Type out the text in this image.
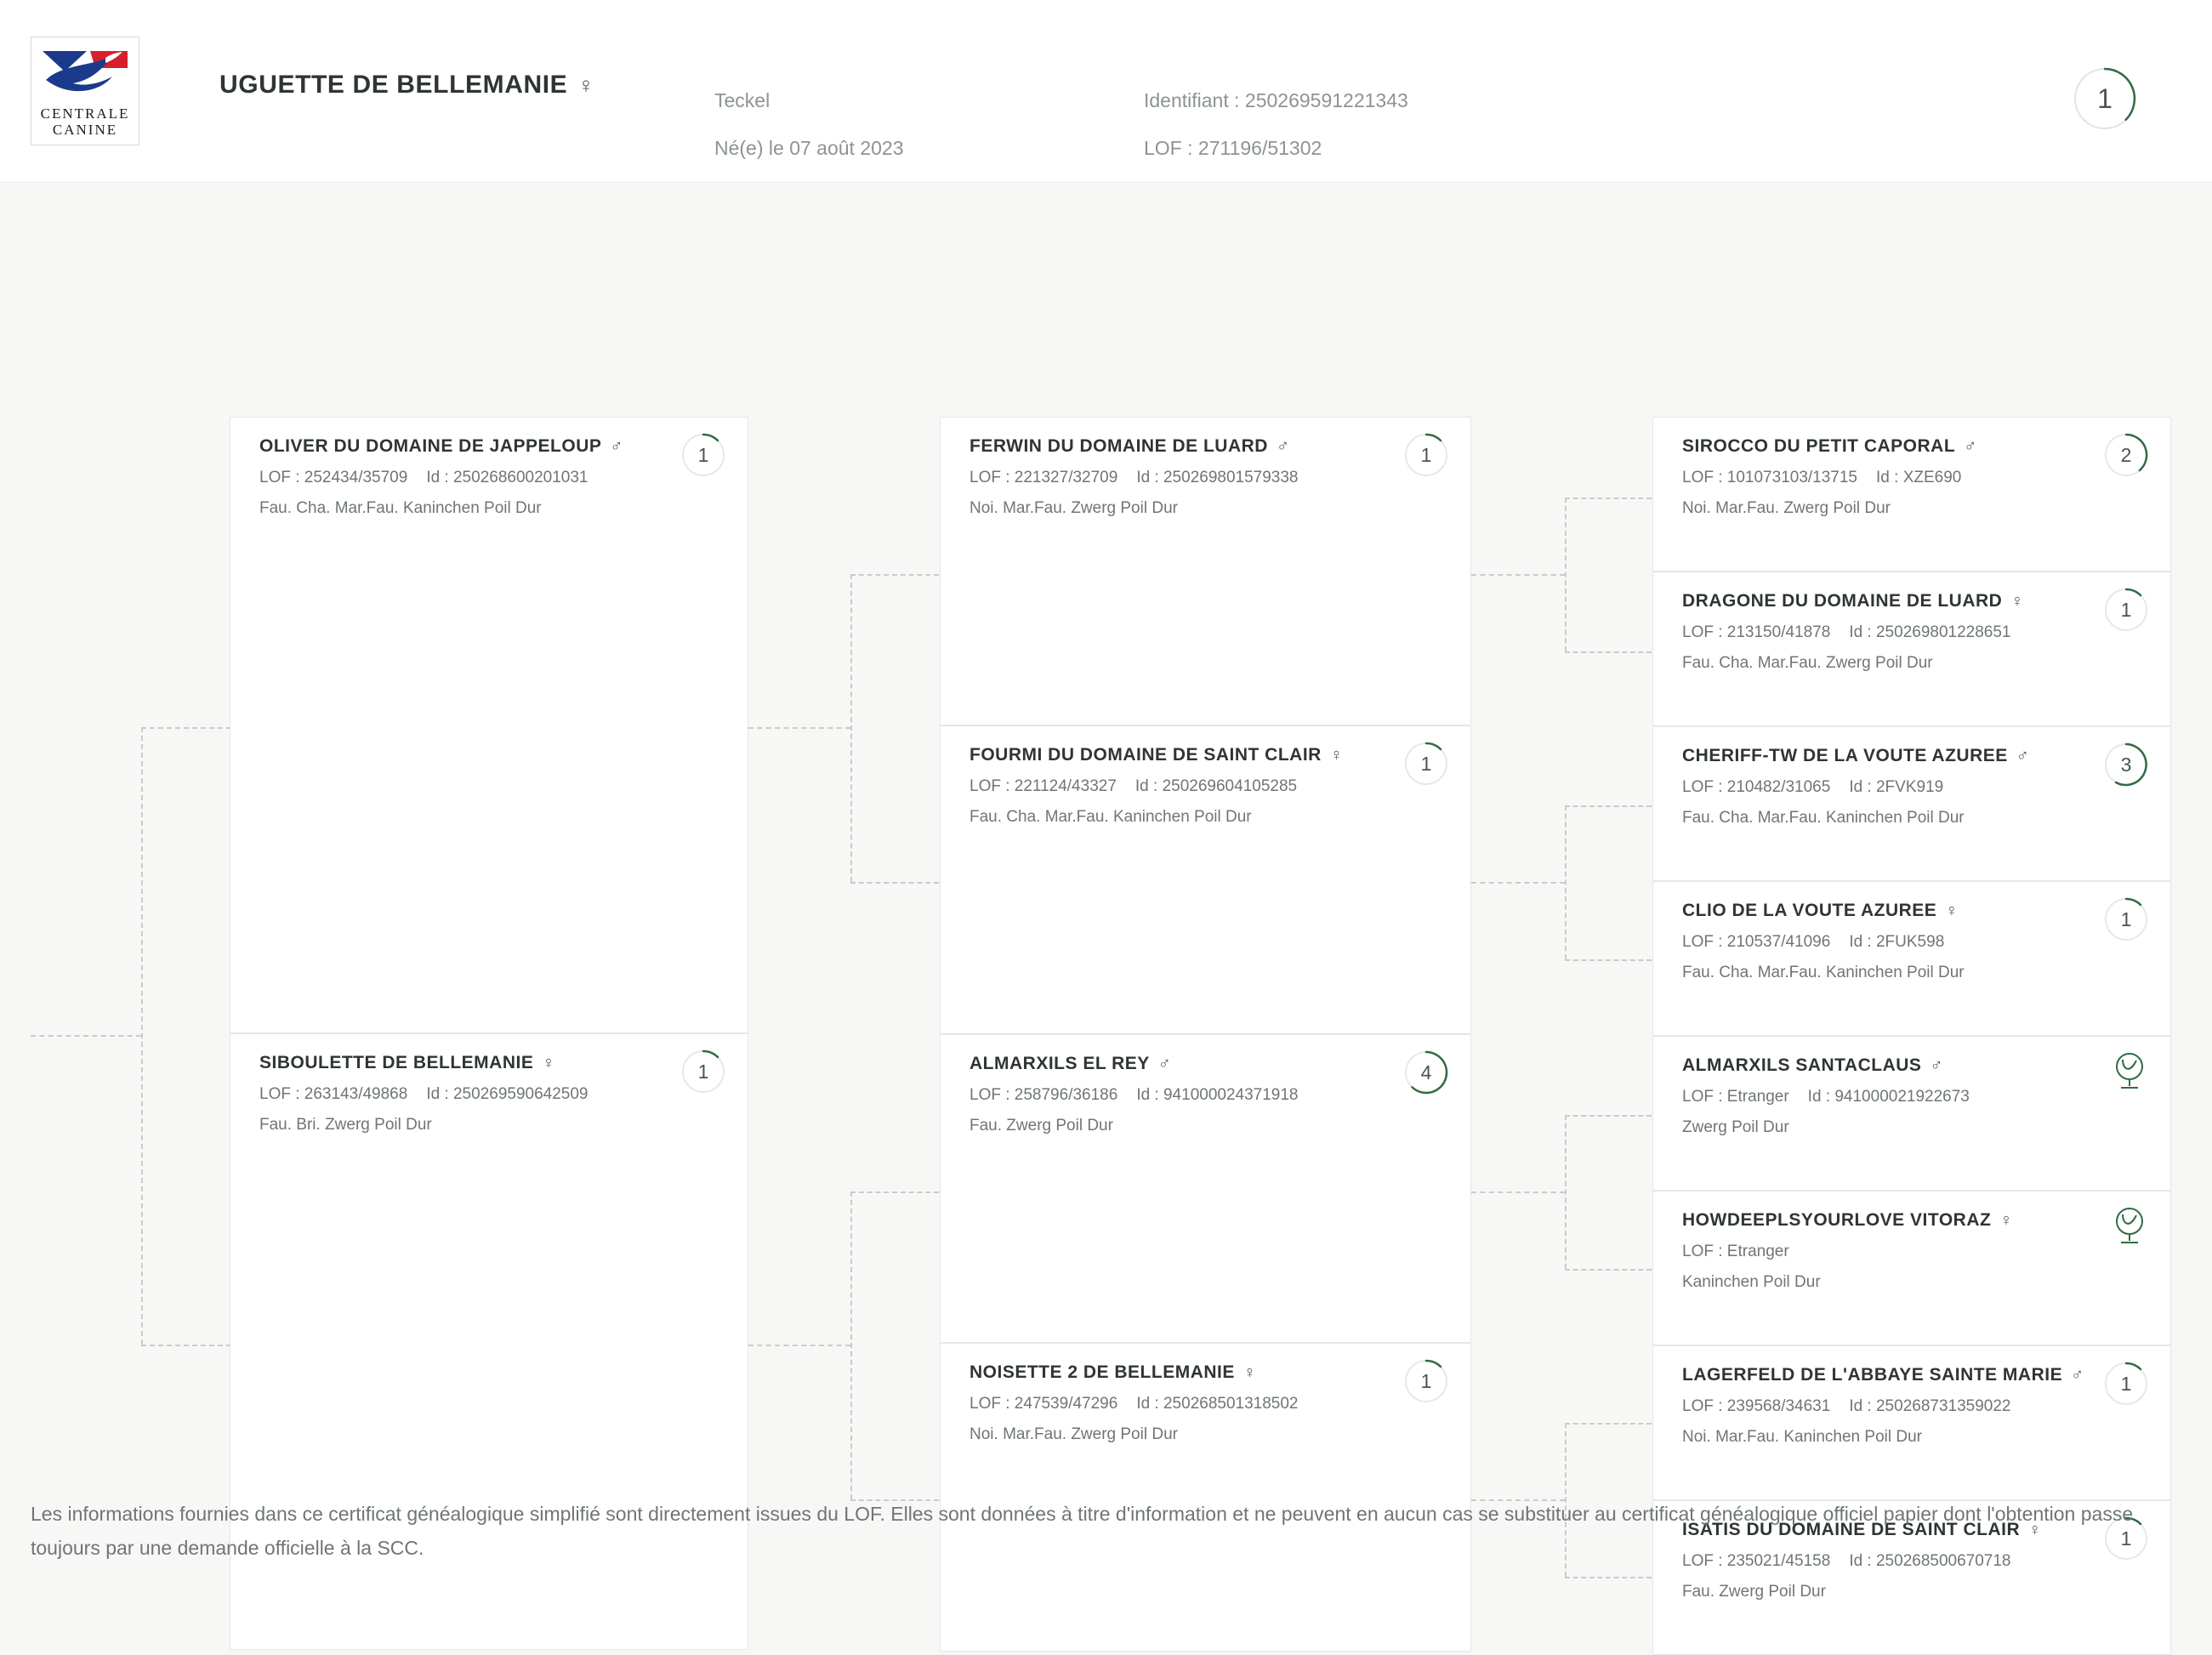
CENTRALE
CANINE
UGUETTE DE BELLEMANIE ♀
Teckel
Né(e) le 07 août 2023
Identifiant : 250269591221343
LOF : 271196/51302
1
OLIVER DU DOMAINE DE JAPPELOUP ♂
LOF : 252434/35709 Id : 250268600201031
Fau. Cha. Mar.Fau. Kaninchen Poil Dur
1
SIBOULETTE DE BELLEMANIE ♀
LOF : 263143/49868 Id : 250269590642509
Fau. Bri. Zwerg Poil Dur
1
FERWIN DU DOMAINE DE LUARD ♂
LOF : 221327/32709 Id : 250269801579338
Noi. Mar.Fau. Zwerg Poil Dur
1
FOURMI DU DOMAINE DE SAINT CLAIR ♀
LOF : 221124/43327 Id : 250269604105285
Fau. Cha. Mar.Fau. Kaninchen Poil Dur
1
ALMARXILS EL REY ♂
LOF : 258796/36186 Id : 941000024371918
Fau. Zwerg Poil Dur
4
NOISETTE 2 DE BELLEMANIE ♀
LOF : 247539/47296 Id : 250268501318502
Noi. Mar.Fau. Zwerg Poil Dur
1
SIROCCO DU PETIT CAPORAL ♂
LOF : 101073103/13715 Id : XZE690
Noi. Mar.Fau. Zwerg Poil Dur
2
DRAGONE DU DOMAINE DE LUARD ♀
LOF : 213150/41878 Id : 250269801228651
Fau. Cha. Mar.Fau. Zwerg Poil Dur
1
CHERIFF-TW DE LA VOUTE AZUREE ♂
LOF : 210482/31065 Id : 2FVK919
Fau. Cha. Mar.Fau. Kaninchen Poil Dur
3
CLIO DE LA VOUTE AZUREE ♀
LOF : 210537/41096 Id : 2FUK598
Fau. Cha. Mar.Fau. Kaninchen Poil Dur
1
ALMARXILS SANTACLAUS ♂
LOF : Etranger Id : 941000021922673
Zwerg Poil Dur
HOWDEEPLSYOURLOVE VITORAZ ♀
LOF : Etranger
Kaninchen Poil Dur
LAGERFELD DE L'ABBAYE SAINTE MARIE ♂
LOF : 239568/34631 Id : 250268731359022
Noi. Mar.Fau. Kaninchen Poil Dur
1
ISATIS DU DOMAINE DE SAINT CLAIR ♀
LOF : 235021/45158 Id : 250268500670718
Fau. Zwerg Poil Dur
1
Les informations fournies dans ce certificat généalogique simplifié sont directement issues du LOF. Elles sont données à titre d'information et ne peuvent en aucun cas se substituer au certificat généalogique officiel papier dont l'obtention passe toujours par une demande officielle à la SCC.
